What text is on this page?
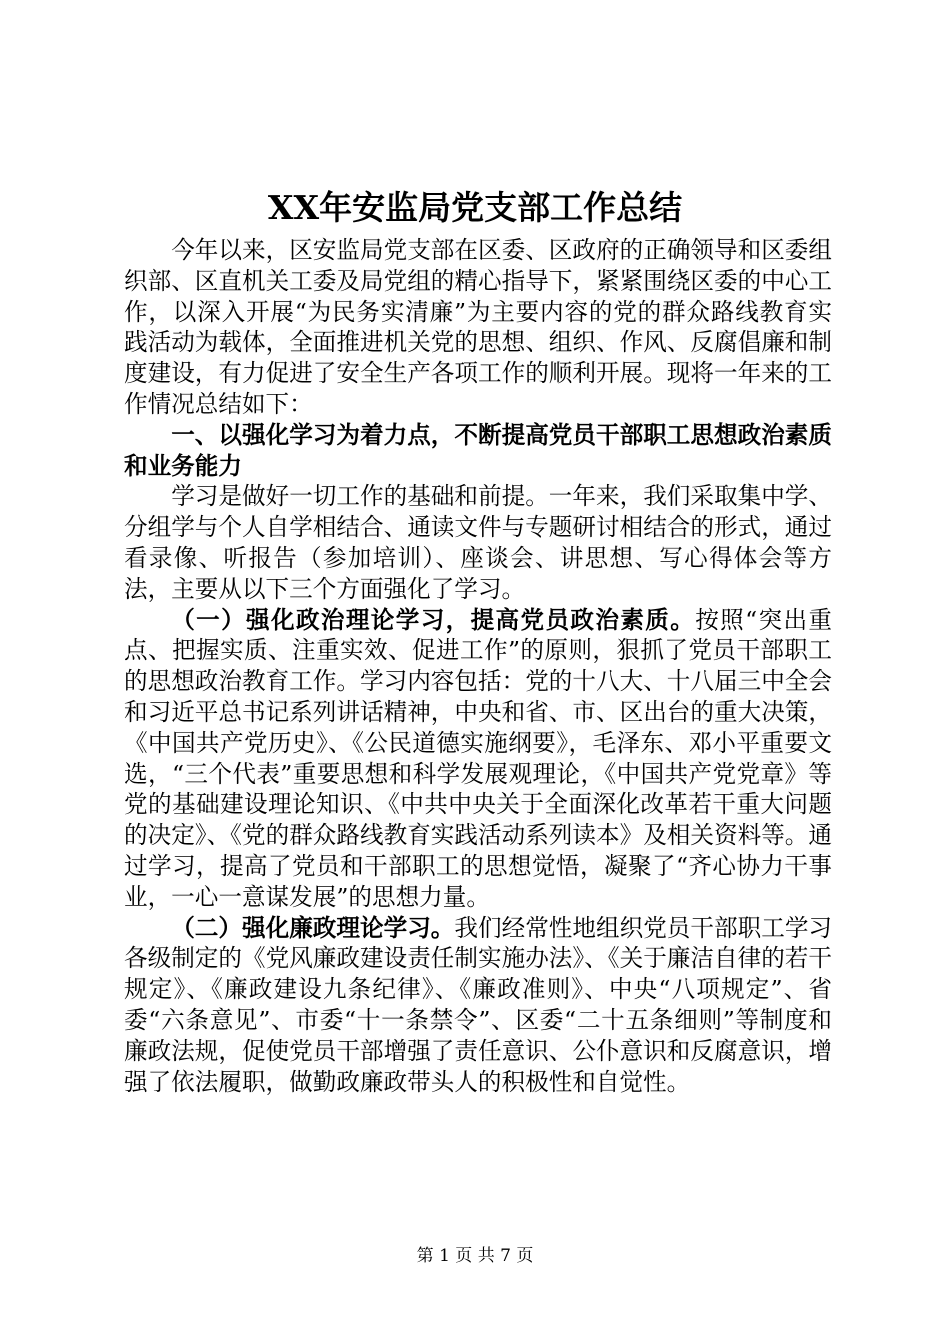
XX年安监局党支部工作总结

今年以来，区安监局党支部在区委、区政府的正确领导和区委组织部、区直机关工委及局党组的精心指导下，紧紧围绕区委的中心工作，以深入开展“为民务实清廉”为主要内容的党的群众路线教育实践活动为载体，全面推进机关党的思想、组织、作风、反腐倡廉和制度建设，有力促进了安全生产各项工作的顺利开展。现将一年来的工作情况总结如下：

一、以强化学习为着力点，不断提高党员干部职工思想政治素质和业务能力

学习是做好一切工作的基础和前提。一年来，我们采取集中学、分组学与个人自学相结合、通读文件与专题研讨相结合的形式，通过看录像、听报告（参加培训）、座谈会、讲思想、写心得体会等方法，主要从以下三个方面强化了学习。

（一）强化政治理论学习，提高党员政治素质。按照“突出重点、把握实质、注重实效、促进工作”的原则，狠抓了党员干部职工的思想政治教育工作。学习内容包括：党的十八大、十八届三中全会和习近平总书记系列讲话精神，中央和省、市、区出台的重大决策，《中国共产党历史》、《公民道德实施纲要》，毛泽东、邓小平重要文选，“三个代表”重要思想和科学发展观理论，《中国共产党党章》等党的基础建设理论知识、《中共中央关于全面深化改革若干重大问题的决定》、《党的群众路线教育实践活动系列读本》及相关资料等。通过学习，提高了党员和干部职工的思想觉悟，凝聚了“齐心协力干事业，一心一意谋发展”的思想力量。

（二）强化廉政理论学习。我们经常性地组织党员干部职工学习各级制定的《党风廉政建设责任制实施办法》、《关于廉洁自律的若干规定》、《廉政建设九条纪律》、《廉政准则》、中央“八项规定”、省委“六条意见”、市委“十一条禁令”、区委“二十五条细则”等制度和廉政法规，促使党员干部增强了责任意识、公仆意识和反腐意识，增强了依法履职，做勤政廉政带头人的积极性和自觉性。

第 1 页 共 7 页
